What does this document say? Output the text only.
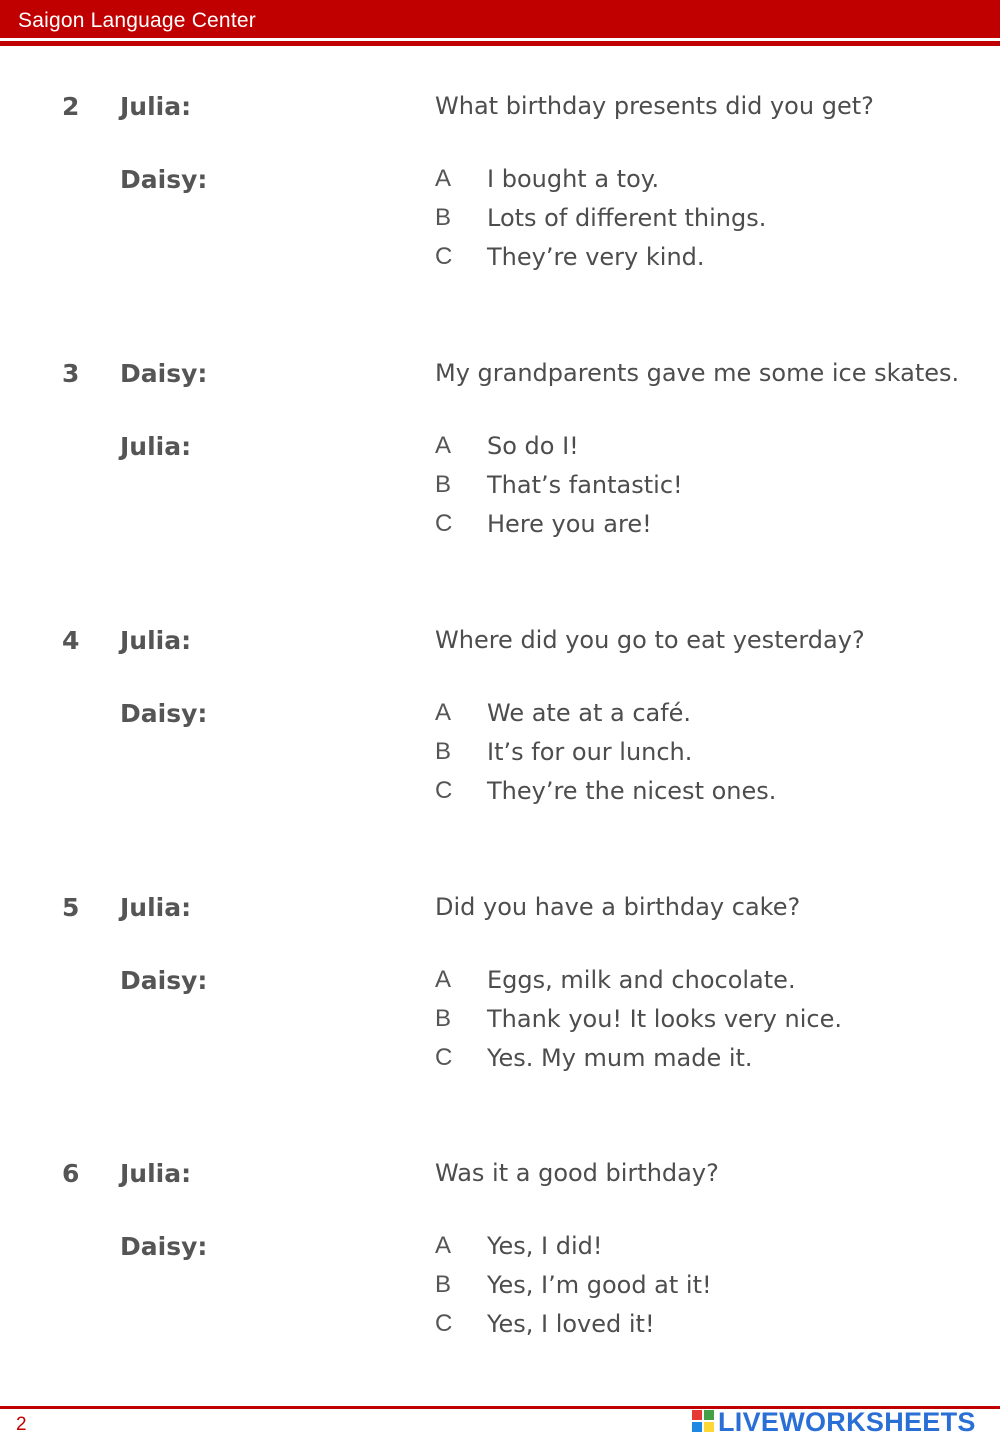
Saigon Language Center
2 Julia:	What birthday presents did you get?
Daisy:	A I bought a toy.
B Lots of different things.
C They’re very kind.
3 Daisy:	My grandparents gave me some ice skates.
Julia:	A So do I!
B That’s fantastic!
C Here you are!
4 Julia:	Where did you go to eat yesterday?
Daisy:	A We ate at a café.
B It’s for our lunch.
C They’re the nicest ones.
5 Julia:	Did you have a birthday cake?
Daisy:	A Eggs, milk and chocolate.
B Thank you! It looks very nice.
C Yes. My mum made it.
6 Julia:	Was it a good birthday?
Daisy:	A Yes, I did!
B Yes, I’m good at it!
C Yes, I loved it!
2	LIVEWORKSHEETS
